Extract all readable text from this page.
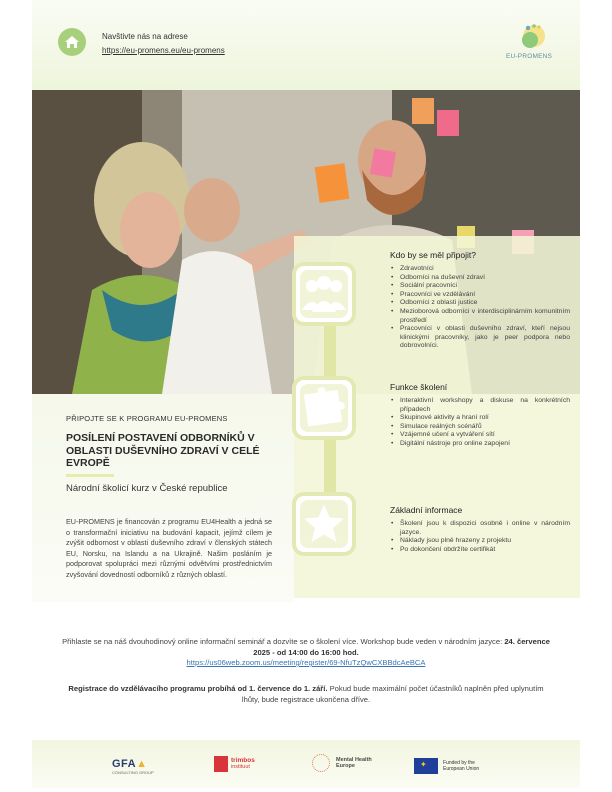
Navštivte nás na adrese
https://eu-promens.eu/eu-promens
EU-PROMENS
PŘIPOJTE SE K PROGRAMU EU-PROMENS
POSÍLENÍ POSTAVENÍ ODBORNÍKŮ V OBLASTI DUŠEVNÍHO ZDRAVÍ V CELÉ EVROPĚ
Národní školicí kurz v České republice
EU-PROMENS je financován z programu EU4Health a jedná se o transformační iniciativu na budování kapacit, jejímž cílem je zvýšit odbornost v oblasti duševního zdraví v členských státech EU, Norsku, na Islandu a na Ukrajině. Našim posláním je podporovat spolupráci mezi různými odvětvími prostřednictvím zvyšování dovedností odborníků z různých oblastí.
Kdo by se měl připojit?
• Zdravotníci
• Odborníci na duševní zdraví
• Sociální pracovníci
• Pracovníci ve vzdělávání
• Odborníci z oblasti justice
• Mezioborová odborníci v interdisciplinárním komunitním prostředí
• Pracovníci v oblasti duševního zdraví, kteří nejsou klinickými pracovníky, jako je peer podpora nebo dobrovolníci.
Funkce školení
• Interaktivní workshopy a diskuse na konkrétních případech
• Skupinové aktivity a hraní rolí
• Simulace reálných scénářů
• Vzájemné učení a vytváření sítí
• Digitální nástroje pro online zapojení
Základní informace
• Školení jsou k dispozici osobně i online v národním jazyce.
• Náklady jsou plně hrazeny z projektu
• Po dokončení obdržíte certifikát
Přihlaste se na náš dvouhodinový online informační seminář a dozvíte se o školení více. Workshop bude veden v národním jazyce: 24. července 2025 - od 14:00 do 16:00 hod.
https://us06web.zoom.us/meeting/register/69-NfuTzQwCXBBdcAeBCA
Registrace do vzdělávacího programu probíhá od 1. července do 1. září. Pokud bude maximální počet účastníků naplněn před uplynutím lhůty, bude registrace ukončena dříve.
GFA▲
CONSULTING GROUP
trimbos
instituut
Mental Health Europe	✦	Funded by the European Union
